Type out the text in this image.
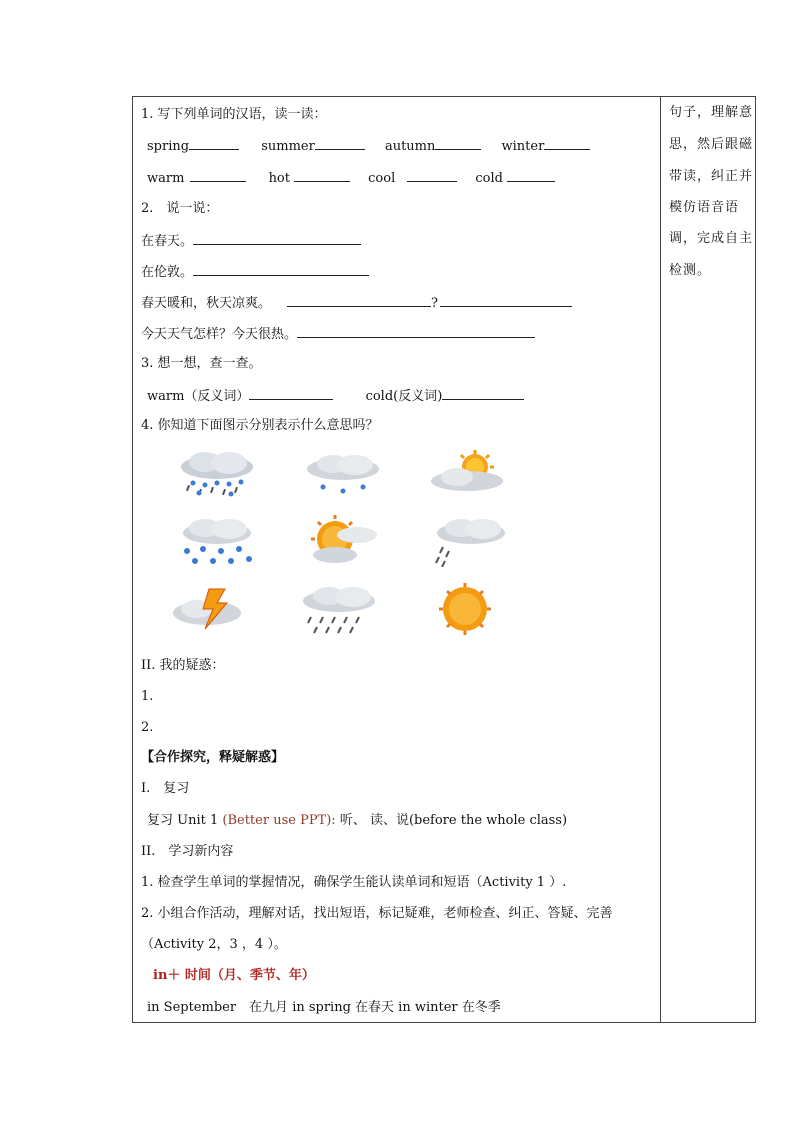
1. 写下列单词的汉语，读一读：
spring	summer	autumn	winter
warm	hot	cool	cold
2.　说一说：
在春天。
在伦敦。
春天暖和，秋天凉爽。	?
今天天气怎样？今天很热。
3. 想一想，查一查。
warm（反义词）	cold(反义词)
4. 你知道下面图示分别表示什么意思吗？
II. 我的疑惑：
1.
2.
【合作探究，释疑解惑】
I.　复习
复习 Unit 1 (Better use PPT): 听、 读、说(before the whole class)
II.　学习新内容
1. 检查学生单词的掌握情况，确保学生能认读单词和短语（Activity 1 ）.
2. 小组合作活动，理解对话，找出短语，标记疑难，老师检查、纠正、答疑、完善
（Activity 2，3 ，4 ）。
in＋ 时间（月、季节、年）
in September　在九月 in spring 在春天 in winter 在冬季
句子，理解意
思，然后跟磁
带读，纠正并
模仿语音语
调，完成自主
检测。
